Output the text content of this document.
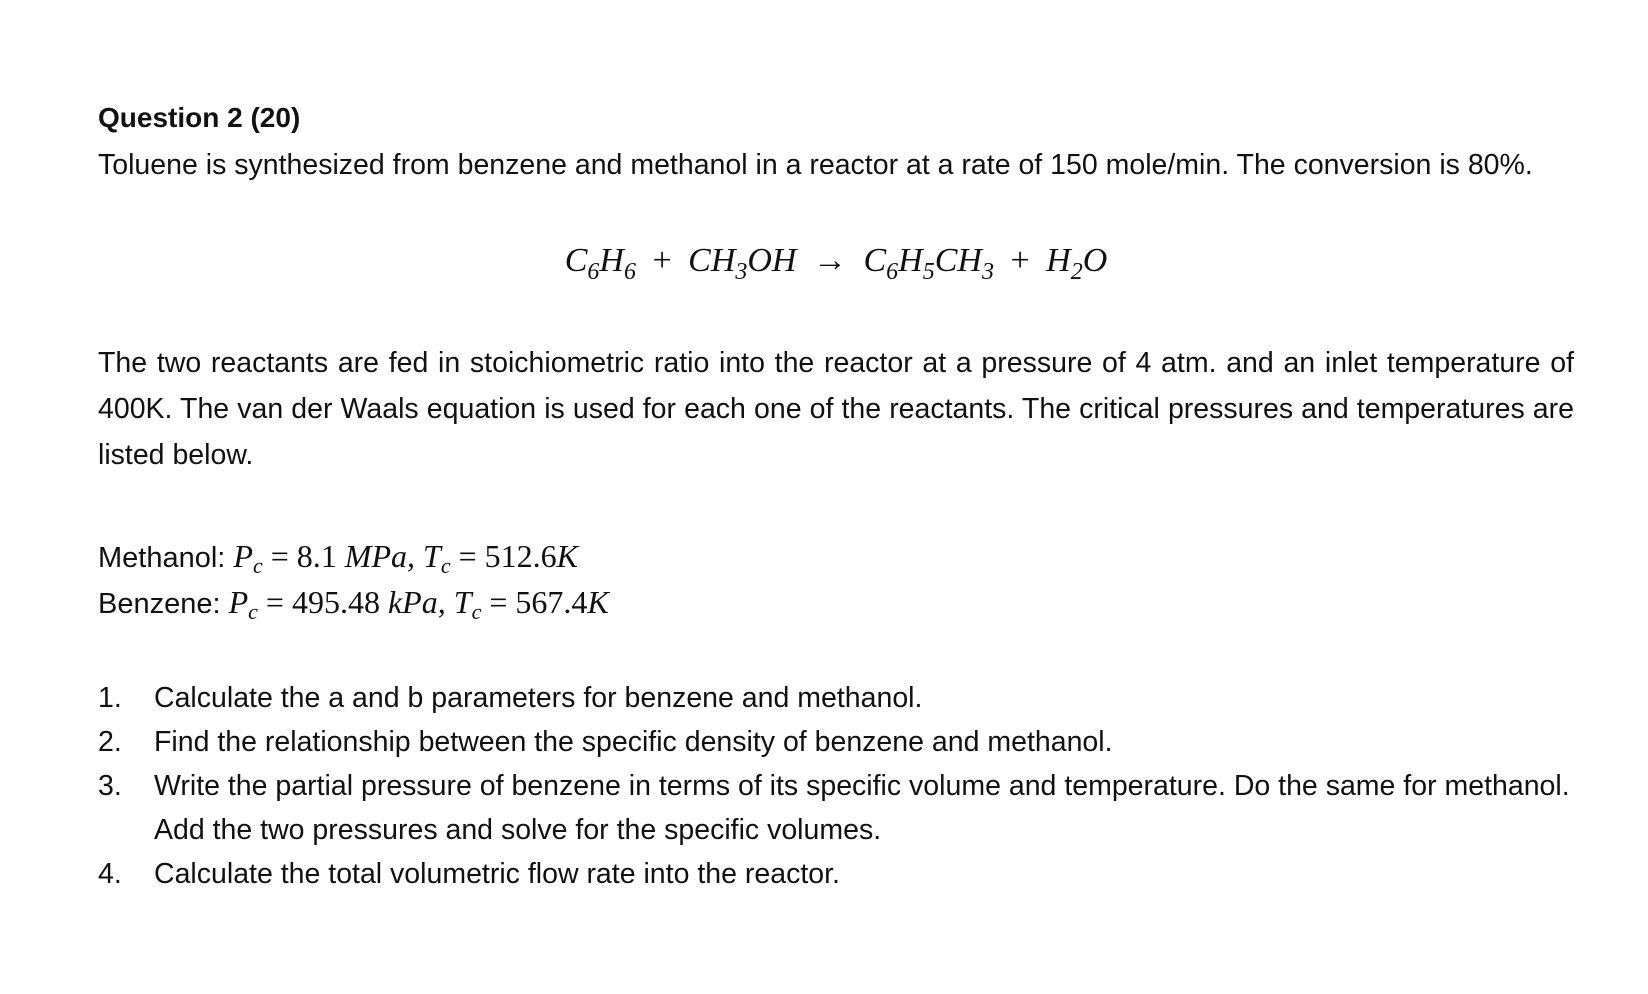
Question 2 (20)

Toluene is synthesized from benzene and methanol in a reactor at a rate of 150 mole/min. The conversion is 80%.

$C_6H_6 + CH_3OH \to C_6H_5CH_3 + H_2O$

The two reactants are fed in stoichiometric ratio into the reactor at a pressure of 4 atm. and an inlet temperature of 400K. The van der Waals equation is used for each one of the reactants. The critical pressures and temperatures are listed below.

Methanol: $P_c = 8.1$ MPa, $T_c = 512.6K$
Benzene: $P_c = 495.48$ kPa, $T_c = 567.4K$
1. Calculate the a and b parameters for benzene and methanol.
2. Find the relationship between the specific density of benzene and methanol.
3. Write the partial pressure of benzene in terms of its specific volume and temperature. Do the same for methanol. Add the two pressures and solve for the specific volumes.
4. Calculate the total volumetric flow rate into the reactor.
